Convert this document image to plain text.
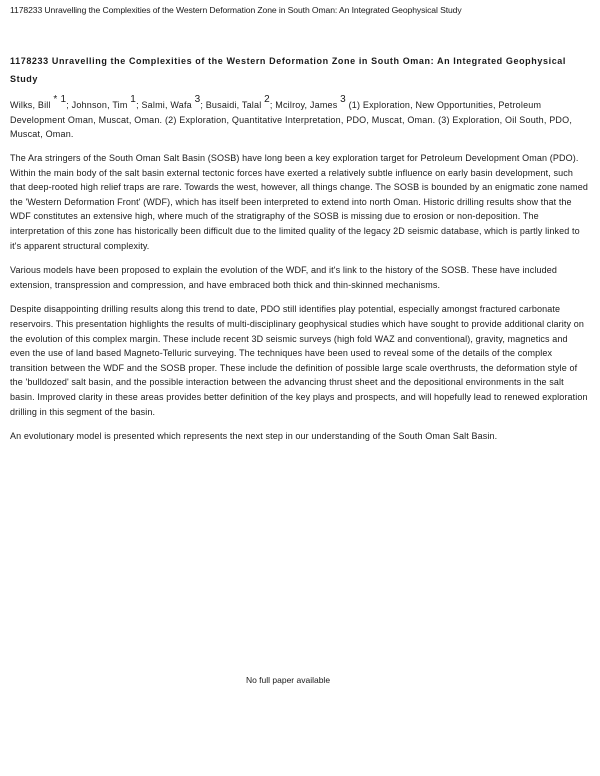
1178233 Unravelling the Complexities of the Western Deformation Zone in South Oman: An Integrated Geophysical Study
1178233 Unravelling the Complexities of the Western Deformation Zone in South Oman: An Integrated Geophysical Study
Wilks, Bill $^{* 1}$; Johnson, Tim $^1$; Salmi, Wafa $^3$; Busaidi, Talal $^2$; Mcilroy, James $^3$ (1) Exploration, New Opportunities, Petroleum Development Oman, Muscat, Oman. (2) Exploration, Quantitative Interpretation, PDO, Muscat, Oman. (3) Exploration, Oil South, PDO, Muscat, Oman.

The Ara stringers of the South Oman Salt Basin (SOSB) have long been a key exploration target for Petroleum Development Oman (PDO). Within the main body of the salt basin external tectonic forces have exerted a relatively subtle influence on early basin development, such that deep-rooted high relief traps are rare. Towards the west, however, all things change. The SOSB is bounded by an enigmatic zone named the 'Western Deformation Front' (WDF), which has itself been interpreted to extend into north Oman. Historic drilling results show that the WDF constitutes an extensive high, where much of the stratigraphy of the SOSB is missing due to erosion or non-deposition. The interpretation of this zone has historically been difficult due to the limited quality of the legacy 2D seismic database, which is partly linked to it's apparent structural complexity.

Various models have been proposed to explain the evolution of the WDF, and it's link to the history of the SOSB. These have included extension, transpression and compression, and have embraced both thick and thin-skinned mechanisms.

Despite disappointing drilling results along this trend to date, PDO still identifies play potential, especially amongst fractured carbonate reservoirs. This presentation highlights the results of multi-disciplinary geophysical studies which have sought to provide additional clarity on the evolution of this complex margin. These include recent 3D seismic surveys (high fold WAZ and conventional), gravity, magnetics and even the use of land based Magneto-Telluric surveying. The techniques have been used to reveal some of the details of the complex transition between the WDF and the SOSB proper. These include the definition of possible large scale overthrusts, the deformation style of the 'bulldozed' salt basin, and the possible interaction between the advancing thrust sheet and the depositional environments in the salt basin. Improved clarity in these areas provides better definition of the key plays and prospects, and will hopefully lead to renewed exploration drilling in this segment of the basin.

An evolutionary model is presented which represents the next step in our understanding of the South Oman Salt Basin.

No full paper available
